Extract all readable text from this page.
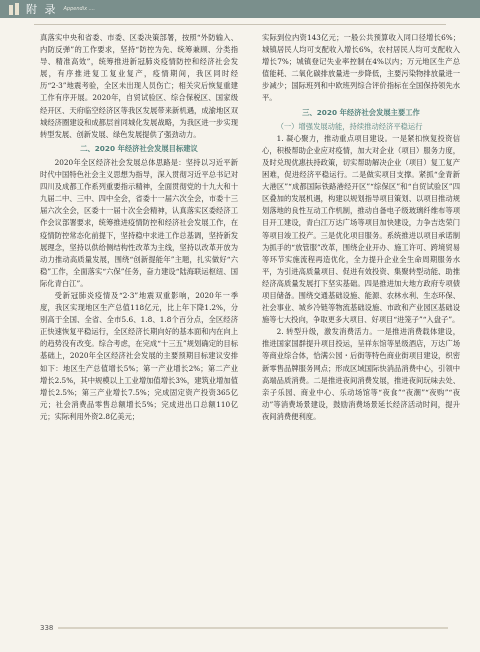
附 录 Appendix ....

真落实中央和省委、市委、区委决策部署，按照“外防输入、内防反弹”的工作要求，坚持“防控为先、统筹兼顾、分类指导、精准高效”，统筹推进新冠肺炎疫情防控和经济社会发展，有序推进复工复业复产，疫情期间，我区同时经历“2·3”地震考验，全区未出现人员伤亡；相关灾后恢复重建工作有序开展。2020年，自贸试验区、综合保税区、国家级经开区、天府临空经济区等我区发展带来新机遇，成渝地区双城经济圈建设和成都层首同城化发展战略，为我区进一步实现转型发展、创新发展、绿色发展提供了强劲动力。

二、2020 年经济社会发展目标建议

2020年全区经济社会发展总体思路是：坚持以习近平新时代中国特色社会主义思想为指导，深入贯彻习近平总书记对四川及成都工作系列重要指示精神，全面贯彻党的十九大和十九届二中、三中、四中全会，省委十一届六次全会，市委十三届六次全会，区委十一届十次全会精神，认真落实区委经济工作会议部署要求，统筹推进疫情防控和经济社会发展工作，在疫情防控常态化前提下，坚持稳中求进工作总基调，坚持新发展理念，坚持以供给侧结构性改革为主线，坚持以改革开放为动力推动高质量发展，围绕“创新提能年”主题，扎实做好“六稳”工作，全面落实“六保”任务，奋力建设“陆海联运枢纽、国际化青白江”。

受新冠肺炎疫情及“2·3”地震双重影响，2020年一季度，我区实现地区生产总值118亿元，比上年下降1.2%，分别高于全国、全省、全市5.6、1.8、1.8个百分点，全区经济正快速恢复平稳运行，全区经济长期向好的基本面和内在向上的趋势没有改变。综合考虑，在完成“十三五”规划确定的目标基础上，2020年全区经济社会发展的主要预期目标建议安排如下：地区生产总值增长5%；第一产业增长2%；第二产业增长2.5%，其中规模以上工业增加值增长3%，建筑业增加值增长2.5%；第三产业增长7.5%；完成固定资产投资365亿元；社会消费品零售总额增长5%；完成进出口总额110亿元；实际利用外资2.8亿美元；

实际到位内资143亿元；一般公共预算收入同口径增长6%；城镇居民人均可支配收入增长6%，农村居民人均可支配收入增长7%；城镇登记失业率控制在4%以内；万元地区生产总值能耗、二氧化碳排放量进一步降低，主要污染物排放量进一步减少；国际班列和中欧班列综合评价指标在全国保持领先水平。

三、2020 年经济社会发展主要工作
（一）增强发展动能，持续推动经济平稳运行

1. 凝心聚力，推动重点项目建设。一是紧扣恢复投资信心，积极帮助企业应对疫情，加大对企业（项目）服务力度，及时兑现优惠扶持政策，切实帮助解决企业（项目）复工复产困难，促进经济平稳运行。二是做实项目支撑。紧抓“金青新大港区”“成都国际铁路港经开区”“综保区”和“自贸试验区”四区叠加的发展机遇，构建以规划指导项目策划、以项目推动规划落地的良性互动工作机制，推动自备电子级玻璃纤维布等项目开工建设，青白江万达广场等项目加快建设，力争吉迭荣门等项目竣工投产。三是优化项目服务。系统推进以项目承诺制为抓手的“放管服”改革，围绕企业开办、施工许可、跨境贸易等环节实施流程再造优化，全力提升企业全生命周期服务水平，为引进高质量项目、促进有效投资、集聚转型动能、助推经济高质量发展打下坚实基础。四是推进加大地方政府专项债项目储备。围绕交通基础设施、能源、农林水利、生态环保、社会事业、城乡冷链等物流基础设施、市政和产业园区基础设施等七大投向，争取更多大项目、好项目“进笼子”“入盘子”。

2. 转型升级，激发消费活力。一是推进消费载体建设，推进国家国群提升项目投运，呈祥东馆等星级酒店，万达广场等商业综合体，恰满公园・后街等特色商业街项目建设，织密新零售品牌服务网点；形成区域国际快消品消费中心，引领中高端品质消费。二是推进夜间消费发展，推进夜间玩味去处、亲子乐园、商业中心、乐动场馆等“夜食”“夜潮”“夜购”“夜动”等消费场景建设，鼓励消费场景延长经济活动时间，提升夜间消费便利度。

338
